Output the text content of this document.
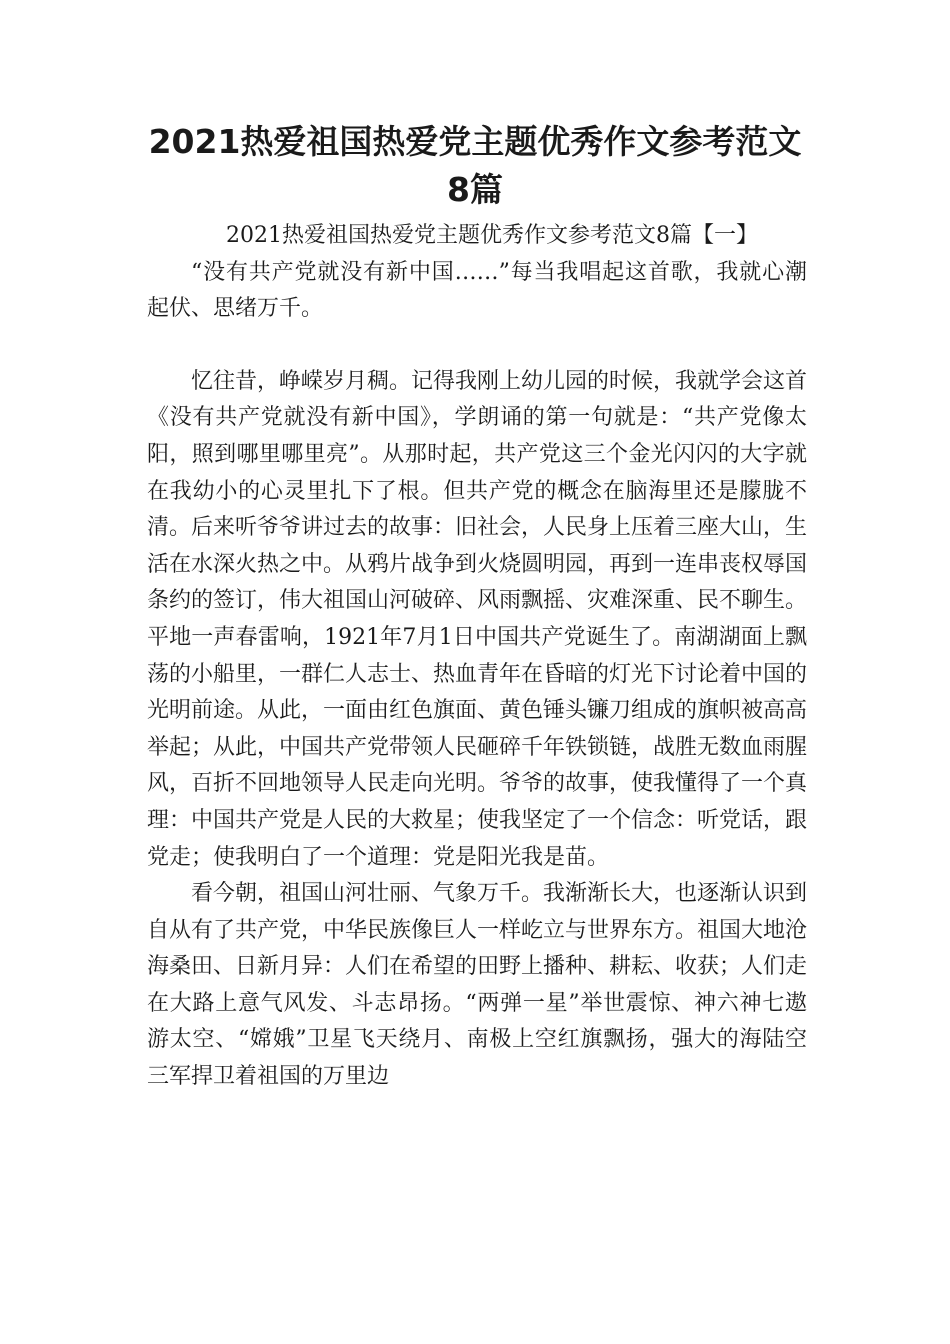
2021热爱祖国热爱党主题优秀作文参考范文
8篇

2021热爱祖国热爱党主题优秀作文参考范文8篇【一】

“没有共产党就没有新中国……”每当我唱起这首歌，我就心潮起伏、思绪万千。

忆往昔，峥嵘岁月稠。记得我刚上幼儿园的时候，我就学会这首《没有共产党就没有新中国》，学朗诵的第一句就是：“共产党像太阳，照到哪里哪里亮”。从那时起，共产党这三个金光闪闪的大字就在我幼小的心灵里扎下了根。但共产党的概念在脑海里还是朦胧不清。后来听爷爷讲过去的故事：旧社会，人民身上压着三座大山，生活在水深火热之中。从鸦片战争到火烧圆明园，再到一连串丧权辱国条约的签订，伟大祖国山河破碎、风雨飘摇、灾难深重、民不聊生。平地一声春雷响，1921年7月1日中国共产党诞生了。南湖湖面上飘荡的小船里，一群仁人志士、热血青年在昏暗的灯光下讨论着中国的光明前途。从此，一面由红色旗面、黄色锤头镰刀组成的旗帜被高高举起；从此，中国共产党带领人民砸碎千年铁锁链，战胜无数血雨腥风，百折不回地领导人民走向光明。爷爷的故事，使我懂得了一个真理：中国共产党是人民的大救星；使我坚定了一个信念：听党话，跟党走；使我明白了一个道理：党是阳光我是苗。

看今朝，祖国山河壮丽、气象万千。我渐渐长大，也逐渐认识到自从有了共产党，中华民族像巨人一样屹立与世界东方。祖国大地沧海桑田、日新月异：人们在希望的田野上播种、耕耘、收获；人们走在大路上意气风发、斗志昂扬。“两弹一星”举世震惊、神六神七遨游太空、“嫦娥”卫星飞天绕月、南极上空红旗飘扬，强大的海陆空三军捍卫着祖国的万里边
